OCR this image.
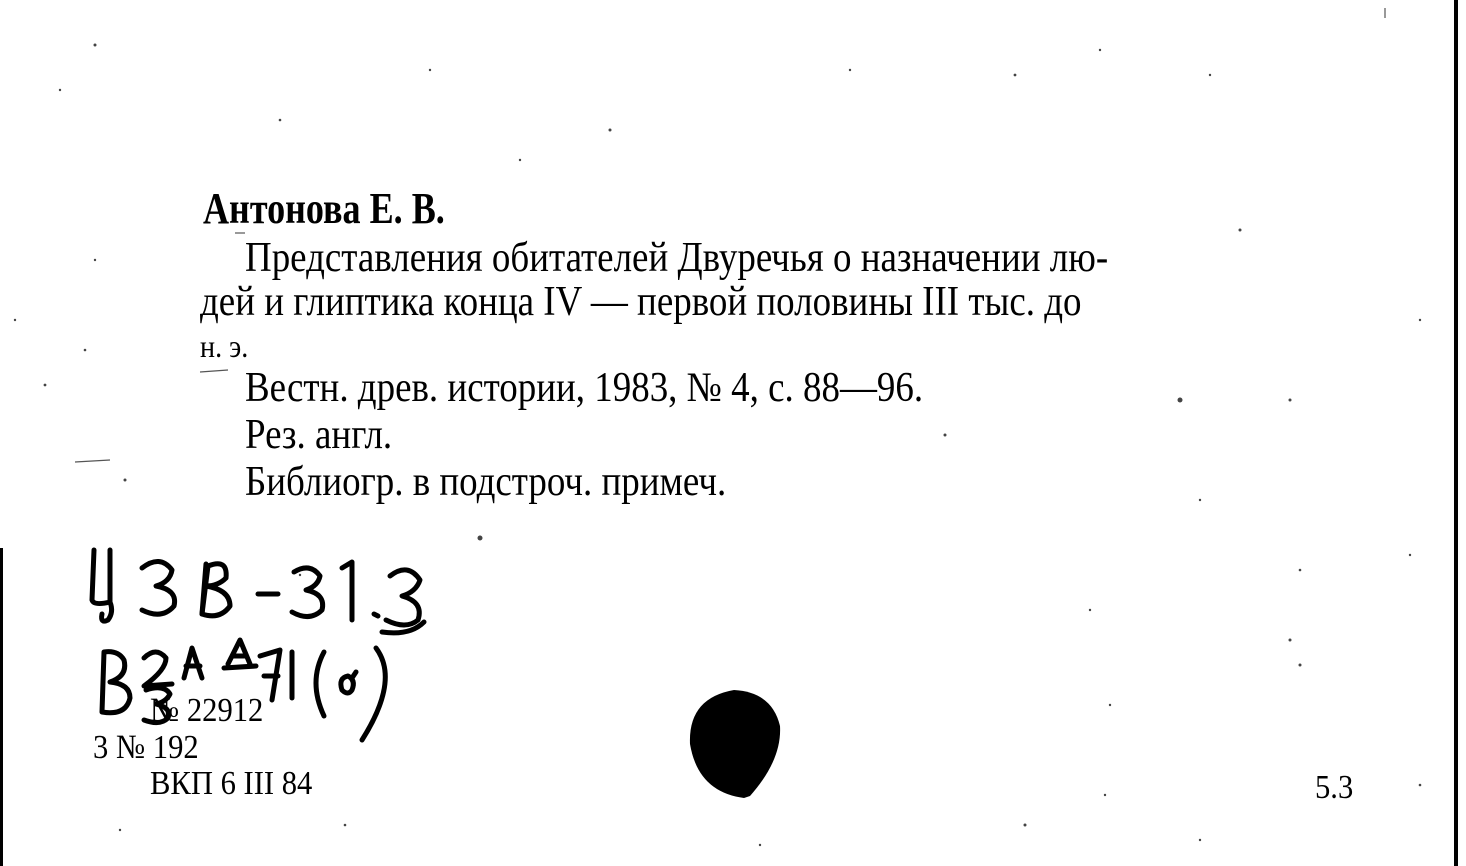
Антонова Е. В.
Представления обитателей Двуречья о назначении лю-
дей и глиптика конца IV — первой половины III тыс. до
н. э.
Вестн. древ. истории, 1983, № 4, с. 88—96.
Рез. англ.
Библиогр. в подстроч. примеч.
№ 22912
3 № 192
ВКП 6 III 84	5.3
